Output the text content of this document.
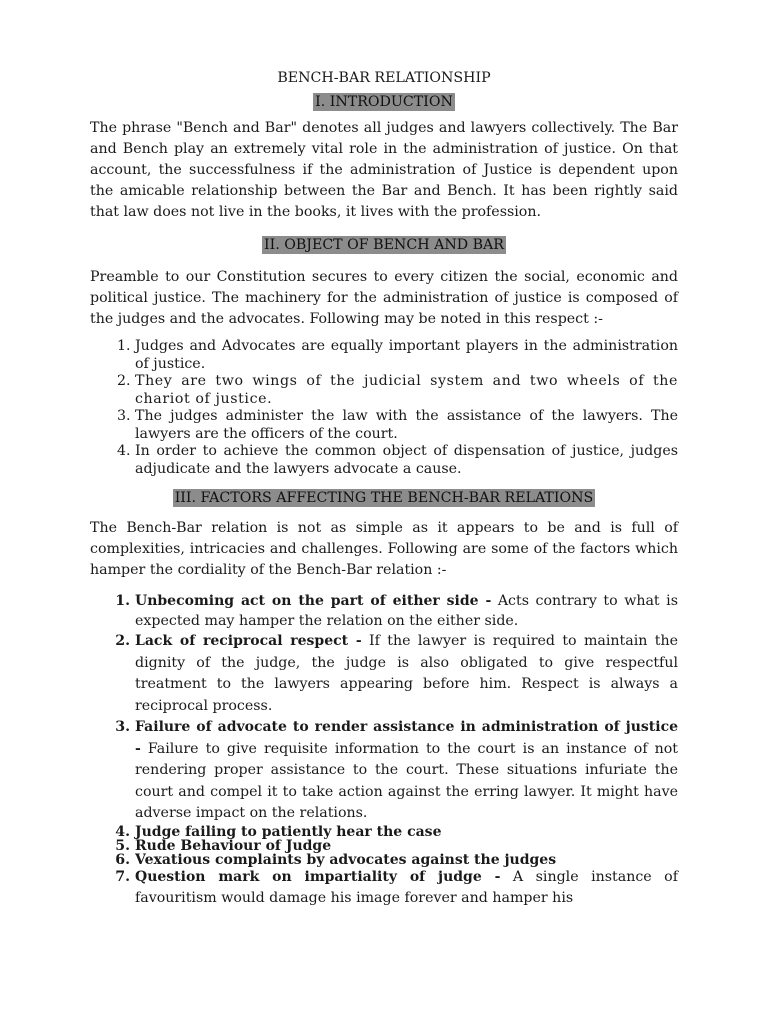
BENCH-BAR RELATIONSHIP
I. INTRODUCTION

The phrase "Bench and Bar" denotes all judges and lawyers collectively. The Bar and Bench play an extremely vital role in the administration of justice. On that account, the successfulness if the administration of Justice is dependent upon the amicable relationship between the Bar and Bench. It has been rightly said that law does not live in the books, it lives with the profession.

II. OBJECT OF BENCH AND BAR

Preamble to our Constitution secures to every citizen the social, economic and political justice. The machinery for the administration of justice is composed of the judges and the advocates. Following may be noted in this respect :-

1. Judges and Advocates are equally important players in the administration of justice.
2. They are two wings of the judicial system and two wheels of the chariot of justice.
3. The judges administer the law with the assistance of the lawyers. The lawyers are the officers of the court.
4. In order to achieve the common object of dispensation of justice, judges adjudicate and the lawyers advocate a cause.
III. FACTORS AFFECTING THE BENCH-BAR RELATIONS

The Bench-Bar relation is not as simple as it appears to be and is full of complexities, intricacies and challenges. Following are some of the factors which hamper the cordiality of the Bench-Bar relation :-

1. Unbecoming act on the part of either side - Acts contrary to what is expected may hamper the relation on the either side.
2. Lack of reciprocal respect - If the lawyer is required to maintain the dignity of the judge, the judge is also obligated to give respectful treatment to the lawyers appearing before him. Respect is always a reciprocal process.
3. Failure of advocate to render assistance in administration of justice - Failure to give requisite information to the court is an instance of not rendering proper assistance to the court. These situations infuriate the court and compel it to take action against the erring lawyer. It might have adverse impact on the relations.
4. Judge failing to patiently hear the case
5. Rude Behaviour of Judge
6. Vexatious complaints by advocates against the judges
7. Question mark on impartiality of judge - A single instance of favouritism would damage his image forever and hamper his
